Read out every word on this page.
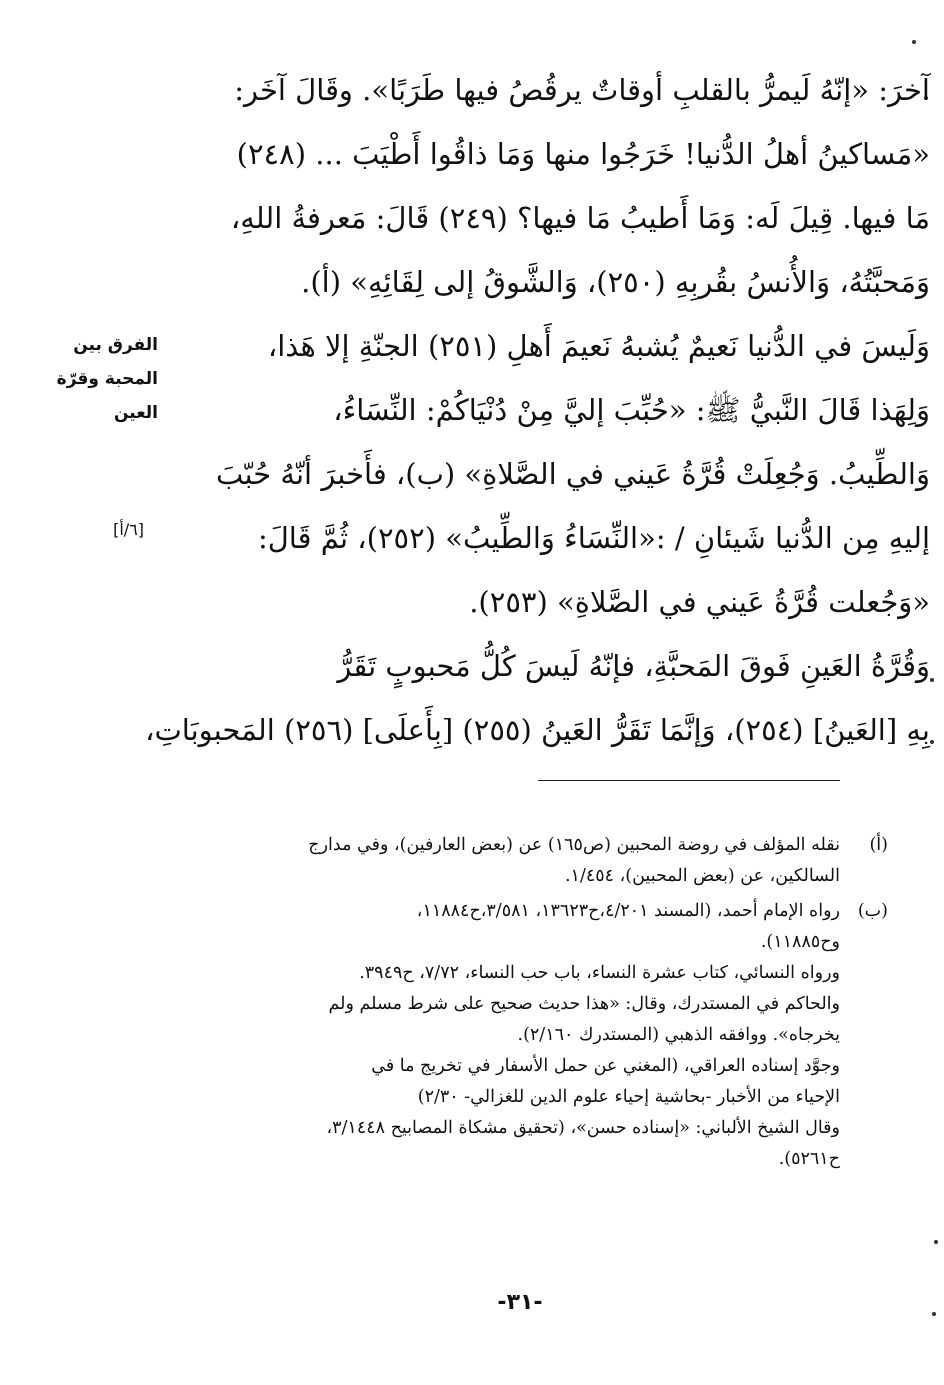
آخرَ: «إنّهُ لَيمرُّ بالقلبِ أوقاتٌ يرقُصُ فيها طَرَبًا». وقَالَ آخَر:
«مَساكينُ أهلُ الدُّنيا! خَرَجُوا منها وَمَا ذاقُوا أَطْيَبَ ... (٢٤٨)
مَا فيها. قِيلَ لَه: وَمَا أَطيبُ مَا فيها؟ (٢٤٩) قَالَ: مَعرفةُ اللهِ،
وَمَحبَّتُهُ، وَالأُنسُ بقُربِهِ (٢٥٠)، وَالشَّوقُ إلى لِقَائِهِ» (أ).
وَلَيسَ في الدُّنيا نَعيمٌ يُشبهُ نَعيمَ أَهلِ (٢٥١) الجنّةِ إلا هَذا،
وَلِهَذا قَالَ النَّبيُّ ﷺ: «حُبِّبَ إليَّ مِنْ دُنْيَاكُمْ: النِّسَاءُ،
وَالطِّيبُ. وَجُعِلَتْ قُرَّةُ عَيني في الصَّلاةِ» (ب)، فأَخبرَ أنّهُ حُبّبَ
إليهِ مِن الدُّنيا شَيئانِ / :«النِّسَاءُ وَالطِّيبُ» (٢٥٢)، ثُمَّ قَالَ:
«وَجُعلت قُرَّةُ عَيني في الصَّلاةِ» (٢٥٣).
وَقُرَّةُ العَينِ فَوقَ المَحبَّةِ، فإنّهُ لَيسَ كُلُّ مَحبوبٍ تَقَرُّ
بِهِ [العَينُ] (٢٥٤)، وَإنَّمَا تَقَرُّ العَينُ (٢٥٥) [بِأَعلَى] (٢٥٦) المَحبوبَاتِ،
الفرق بين
المحبة وقرّة
العين
[٦/أ]
(أ)
نقله المؤلف في روضة المحبين (ص١٦٥) عن (بعض العارفين)، وفي مدارج
السالكين، عن (بعض المحبين)، ١/٤٥٤.
(ب)
رواه الإمام أحمد، (المسند ٤/٢٠١،ح١٣٦٢٣، ٣/٥٨١،ح١١٨٨٤،
وح١١٨٨٥).
ورواه النسائي، كتاب عشرة النساء، باب حب النساء، ٧/٧٢، ح٣٩٤٩.
والحاكم في المستدرك، وقال: «هذا حديث صحيح على شرط مسلم ولم
يخرجاه». ووافقه الذهبي (المستدرك ٢/١٦٠).
وجوَّد إسناده العراقي، (المغني عن حمل الأسفار في تخريج ما في
الإحياء من الأخبار -بحاشية إحياء علوم الدين للغزالي- ٢/٣٠)
وقال الشيخ الألباني: «إسناده حسن»، (تحقيق مشكاة المصابيح ٣/١٤٤٨،
ح٥٢٦١).
-٣١-
